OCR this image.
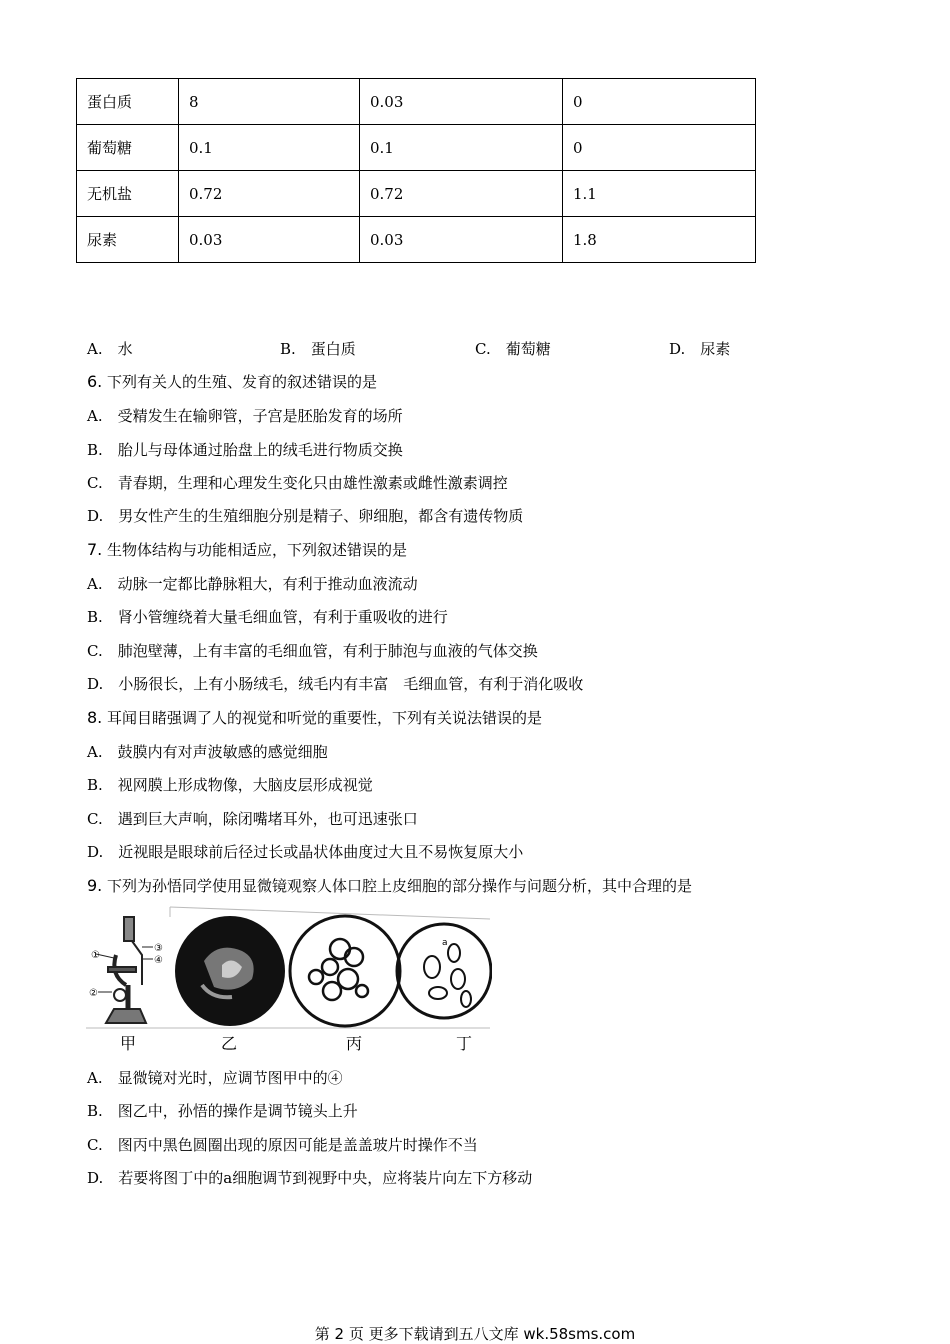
蛋白质	8	0.03	0
葡萄糖	0.1	0.1	0
无机盐	0.72	0.72	1.1
尿素	0.03	0.03	1.8
A.　水	B.　蛋白质	C.　葡萄糖	D.　尿素
6. 下列有关人的生殖、发育的叙述错误的是
A.　受精发生在输卵管，子宫是胚胎发育的场所
B.　胎儿与母体通过胎盘上的绒毛进行物质交换
C.　青春期，生理和心理发生变化只由雄性激素或雌性激素调控
D.　男女性产生的生殖细胞分别是精子、卵细胞，都含有遗传物质
7. 生物体结构与功能相适应，下列叙述错误的是
A.　动脉一定都比静脉粗大，有利于推动血液流动
B.　肾小管缠绕着大量毛细血管，有利于重吸收的进行
C.　肺泡壁薄，上有丰富的毛细血管，有利于肺泡与血液的气体交换
D.　小肠很长，上有小肠绒毛，绒毛内有丰富　毛细血管，有利于消化吸收
8. 耳闻目睹强调了人的视觉和听觉的重要性，下列有关说法错误的是
A.　鼓膜内有对声波敏感的感觉细胞
B.　视网膜上形成物像，大脑皮层形成视觉
C.　遇到巨大声响，除闭嘴堵耳外，也可迅速张口
D.　近视眼是眼球前后径过长或晶状体曲度过大且不易恢复原大小
9. 下列为孙悟同学使用显微镜观察人体口腔上皮细胞的部分操作与问题分析，其中合理的是
①
②
③
④
a
甲	乙	丙	丁
A.　显微镜对光时，应调节图甲中的④
B.　图乙中，孙悟的操作是调节镜头上升
C.　图丙中黑色圆圈出现的原因可能是盖盖玻片时操作不当
D.　若要将图丁中的a细胞调节到视野中央，应将装片向左下方移动
第 2 页 更多下载请到五八文库 wk.58sms.com
